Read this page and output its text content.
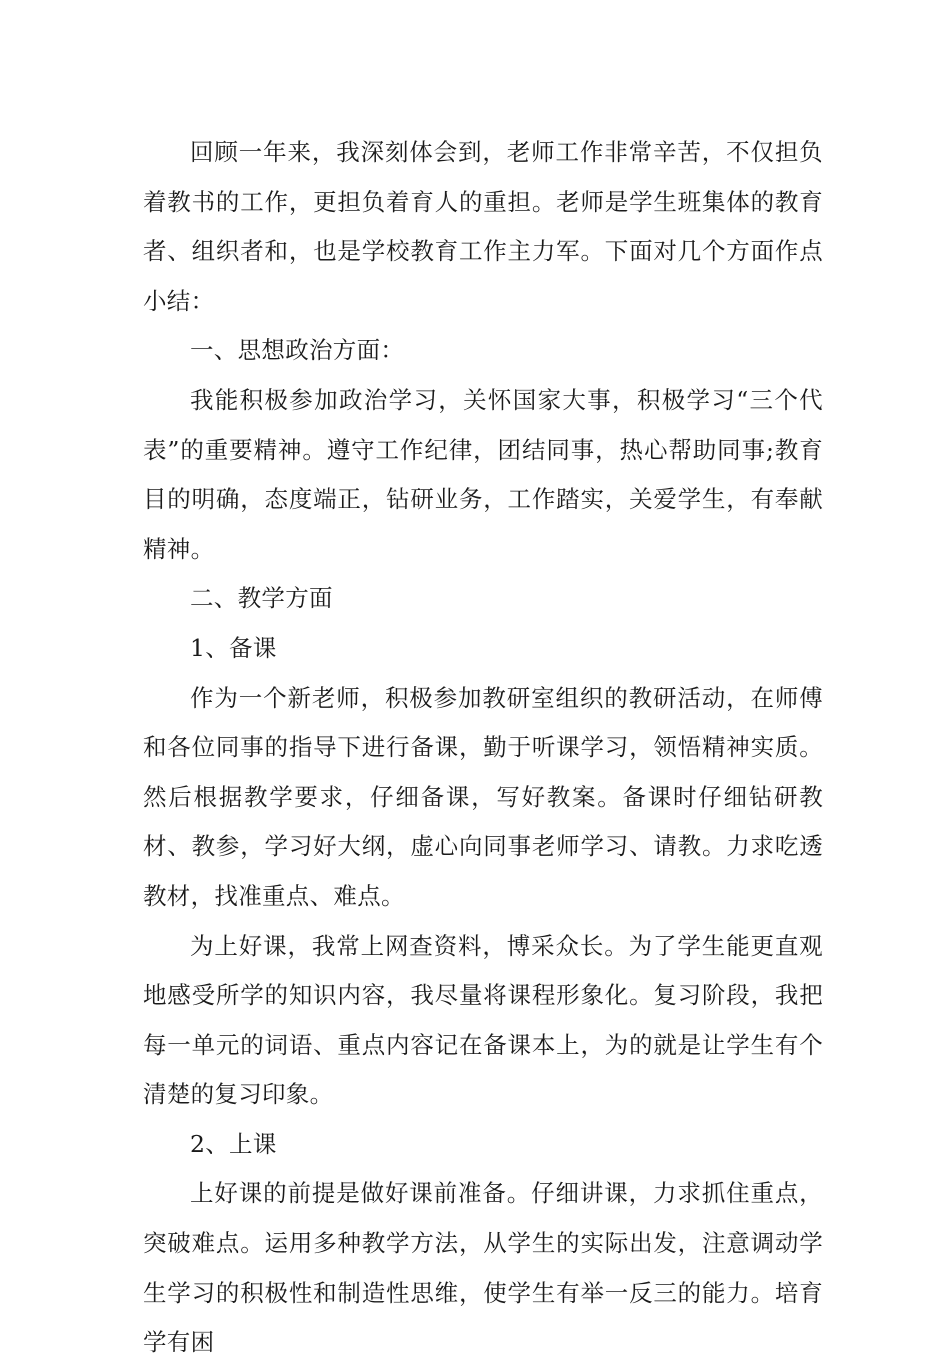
回顾一年来，我深刻体会到，老师工作非常辛苦，不仅担负着教书的工作，更担负着育人的重担。老师是学生班集体的教育者、组织者和，也是学校教育工作主力军。下面对几个方面作点小结：

一、思想政治方面：

我能积极参加政治学习，关怀国家大事，积极学习“三个代表”的重要精神。遵守工作纪律，团结同事，热心帮助同事;教育目的明确，态度端正，钻研业务，工作踏实，关爱学生，有奉献精神。

二、教学方面

1、备课

作为一个新老师，积极参加教研室组织的教研活动，在师傅和各位同事的指导下进行备课，勤于听课学习，领悟精神实质。然后根据教学要求，仔细备课，写好教案。备课时仔细钻研教材、教参，学习好大纲，虚心向同事老师学习、请教。力求吃透教材，找准重点、难点。

为上好课，我常上网查资料，博采众长。为了学生能更直观地感受所学的知识内容，我尽量将课程形象化。复习阶段，我把每一单元的词语、重点内容记在备课本上，为的就是让学生有个清楚的复习印象。

2、上课

上好课的前提是做好课前准备。仔细讲课，力求抓住重点，突破难点。运用多种教学方法，从学生的实际出发，注意调动学生学习的积极性和制造性思维，使学生有举一反三的能力。培育学有困
